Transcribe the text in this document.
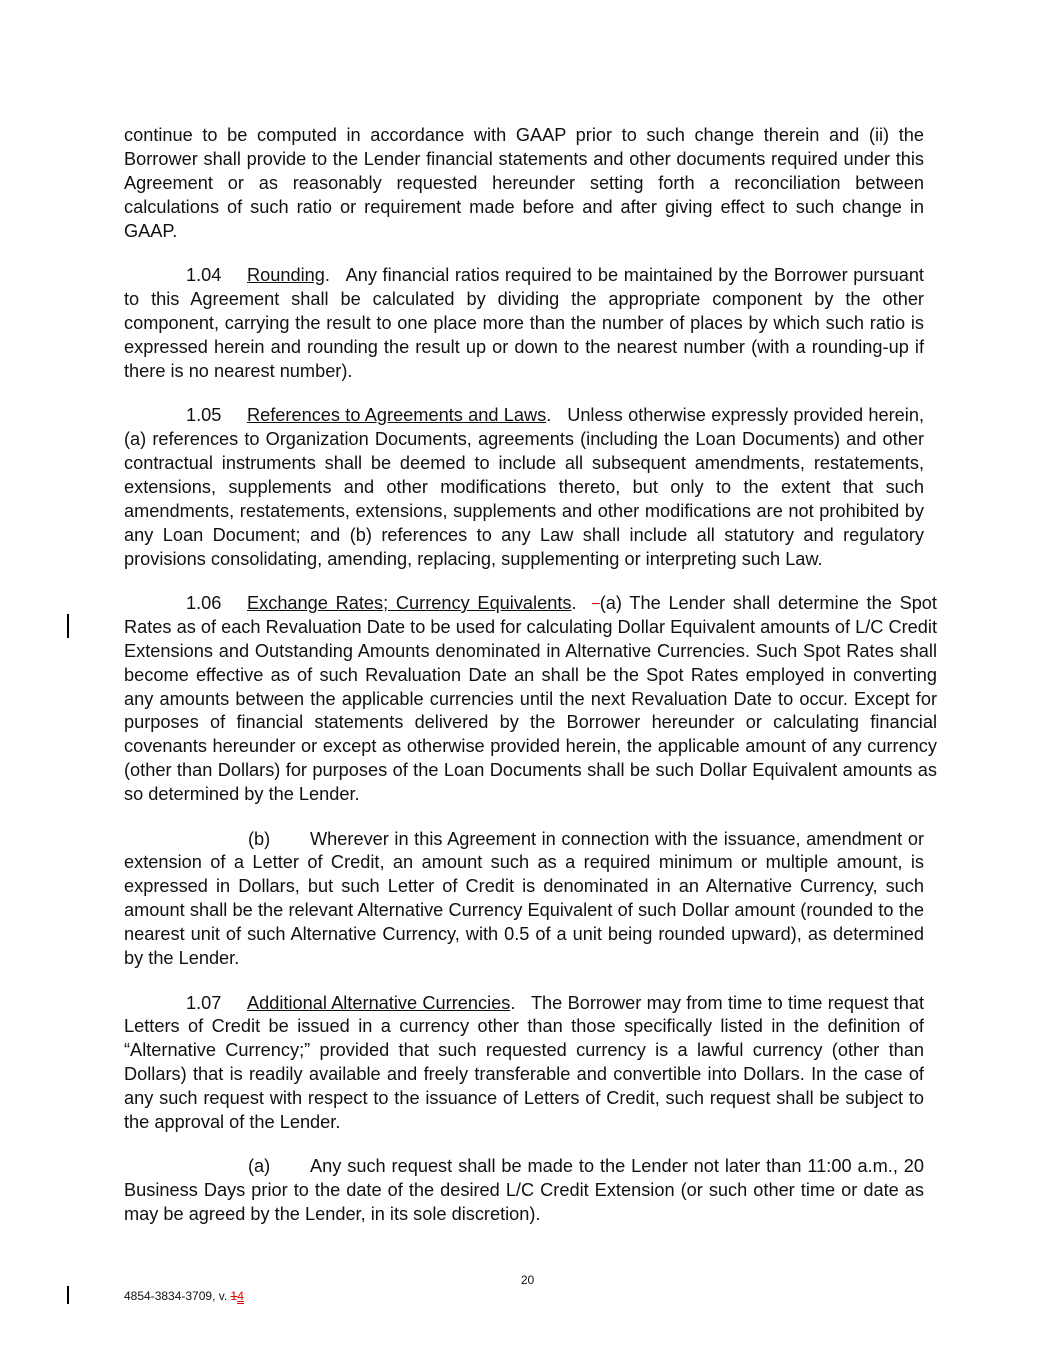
continue to be computed in accordance with GAAP prior to such change therein and (ii) the Borrower shall provide to the Lender financial statements and other documents required under this Agreement or as reasonably requested hereunder setting forth a reconciliation between calculations of such ratio or requirement made before and after giving effect to such change in GAAP.

1.04 Rounding.   Any financial ratios required to be maintained by the Borrower pursuant to this Agreement shall be calculated by dividing the appropriate component by the other component, carrying the result to one place more than the number of places by which such ratio is expressed herein and rounding the result up or down to the nearest number (with a rounding-up if there is no nearest number).

1.05 References to Agreements and Laws.   Unless otherwise expressly provided herein, (a) references to Organization Documents, agreements (including the Loan Documents) and other contractual instruments shall be deemed to include all subsequent amendments, restatements, extensions, supplements and other modifications thereto, but only to the extent that such amendments, restatements, extensions, supplements and other modifications are not prohibited by any Loan Document; and (b) references to any Law shall include all statutory and regulatory provisions consolidating, amending, replacing, supplementing or interpreting such Law.

1.06 Exchange Rates; Currency Equivalents.   (a) The Lender shall determine the Spot Rates as of each Revaluation Date to be used for calculating Dollar Equivalent amounts of L/C Credit Extensions and Outstanding Amounts denominated in Alternative Currencies. Such Spot Rates shall become effective as of such Revaluation Date an shall be the Spot Rates employed in converting any amounts between the applicable currencies until the next Revaluation Date to occur. Except for purposes of financial statements delivered by the Borrower hereunder or calculating financial covenants hereunder or except as otherwise provided herein, the applicable amount of any currency (other than Dollars) for purposes of the Loan Documents shall be such Dollar Equivalent amounts as so determined by the Lender.

(b) Wherever in this Agreement in connection with the issuance, amendment or extension of a Letter of Credit, an amount such as a required minimum or multiple amount, is expressed in Dollars, but such Letter of Credit is denominated in an Alternative Currency, such amount shall be the relevant Alternative Currency Equivalent of such Dollar amount (rounded to the nearest unit of such Alternative Currency, with 0.5 of a unit being rounded upward), as determined by the Lender.

1.07 Additional Alternative Currencies.   The Borrower may from time to time request that Letters of Credit be issued in a currency other than those specifically listed in the definition of “Alternative Currency;” provided that such requested currency is a lawful currency (other than Dollars) that is readily available and freely transferable and convertible into Dollars. In the case of any such request with respect to the issuance of Letters of Credit, such request shall be subject to the approval of the Lender.

(a) Any such request shall be made to the Lender not later than 11:00 a.m., 20 Business Days prior to the date of the desired L/C Credit Extension (or such other time or date as may be agreed by the Lender, in its sole discretion).

20
4854-3834-3709, v. 14
